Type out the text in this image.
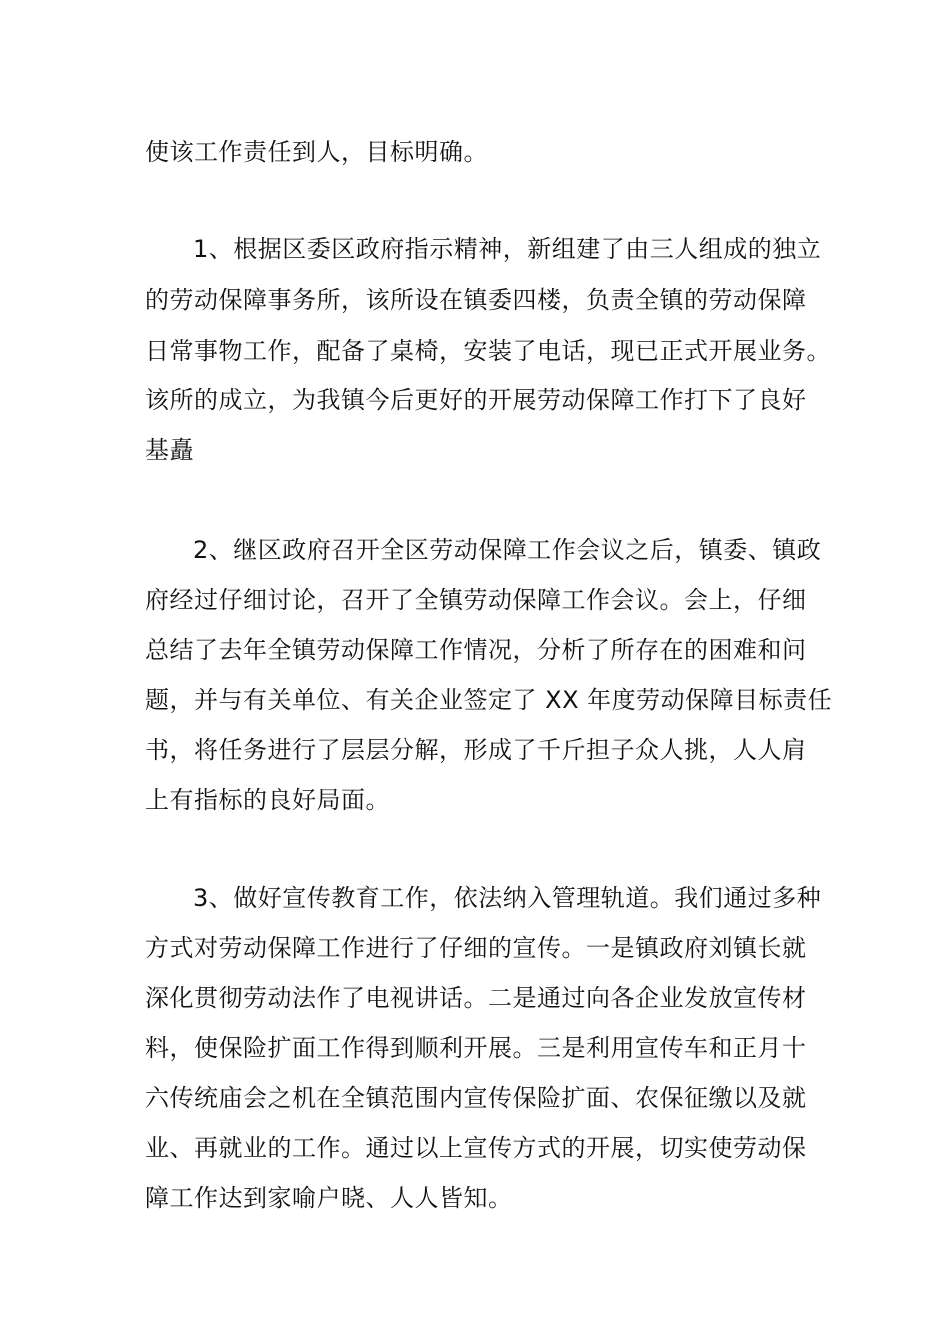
使该工作责任到人，目标明确。
1、根据区委区政府指示精神，新组建了由三人组成的独立
的劳动保障事务所，该所设在镇委四楼，负责全镇的劳动保障
日常事物工作，配备了桌椅，安装了电话，现已正式开展业务。
该所的成立，为我镇今后更好的开展劳动保障工作打下了良好
基矗
2、继区政府召开全区劳动保障工作会议之后，镇委、镇政
府经过仔细讨论，召开了全镇劳动保障工作会议。会上，仔细
总结了去年全镇劳动保障工作情况，分析了所存在的困难和问
题，并与有关单位、有关企业签定了 XX 年度劳动保障目标责任
书，将任务进行了层层分解，形成了千斤担子众人挑，人人肩
上有指标的良好局面。
3、做好宣传教育工作，依法纳入管理轨道。我们通过多种
方式对劳动保障工作进行了仔细的宣传。一是镇政府刘镇长就
深化贯彻劳动法作了电视讲话。二是通过向各企业发放宣传材
料，使保险扩面工作得到顺利开展。三是利用宣传车和正月十
六传统庙会之机在全镇范围内宣传保险扩面、农保征缴以及就
业、再就业的工作。通过以上宣传方式的开展，切实使劳动保
障工作达到家喻户晓、人人皆知。
